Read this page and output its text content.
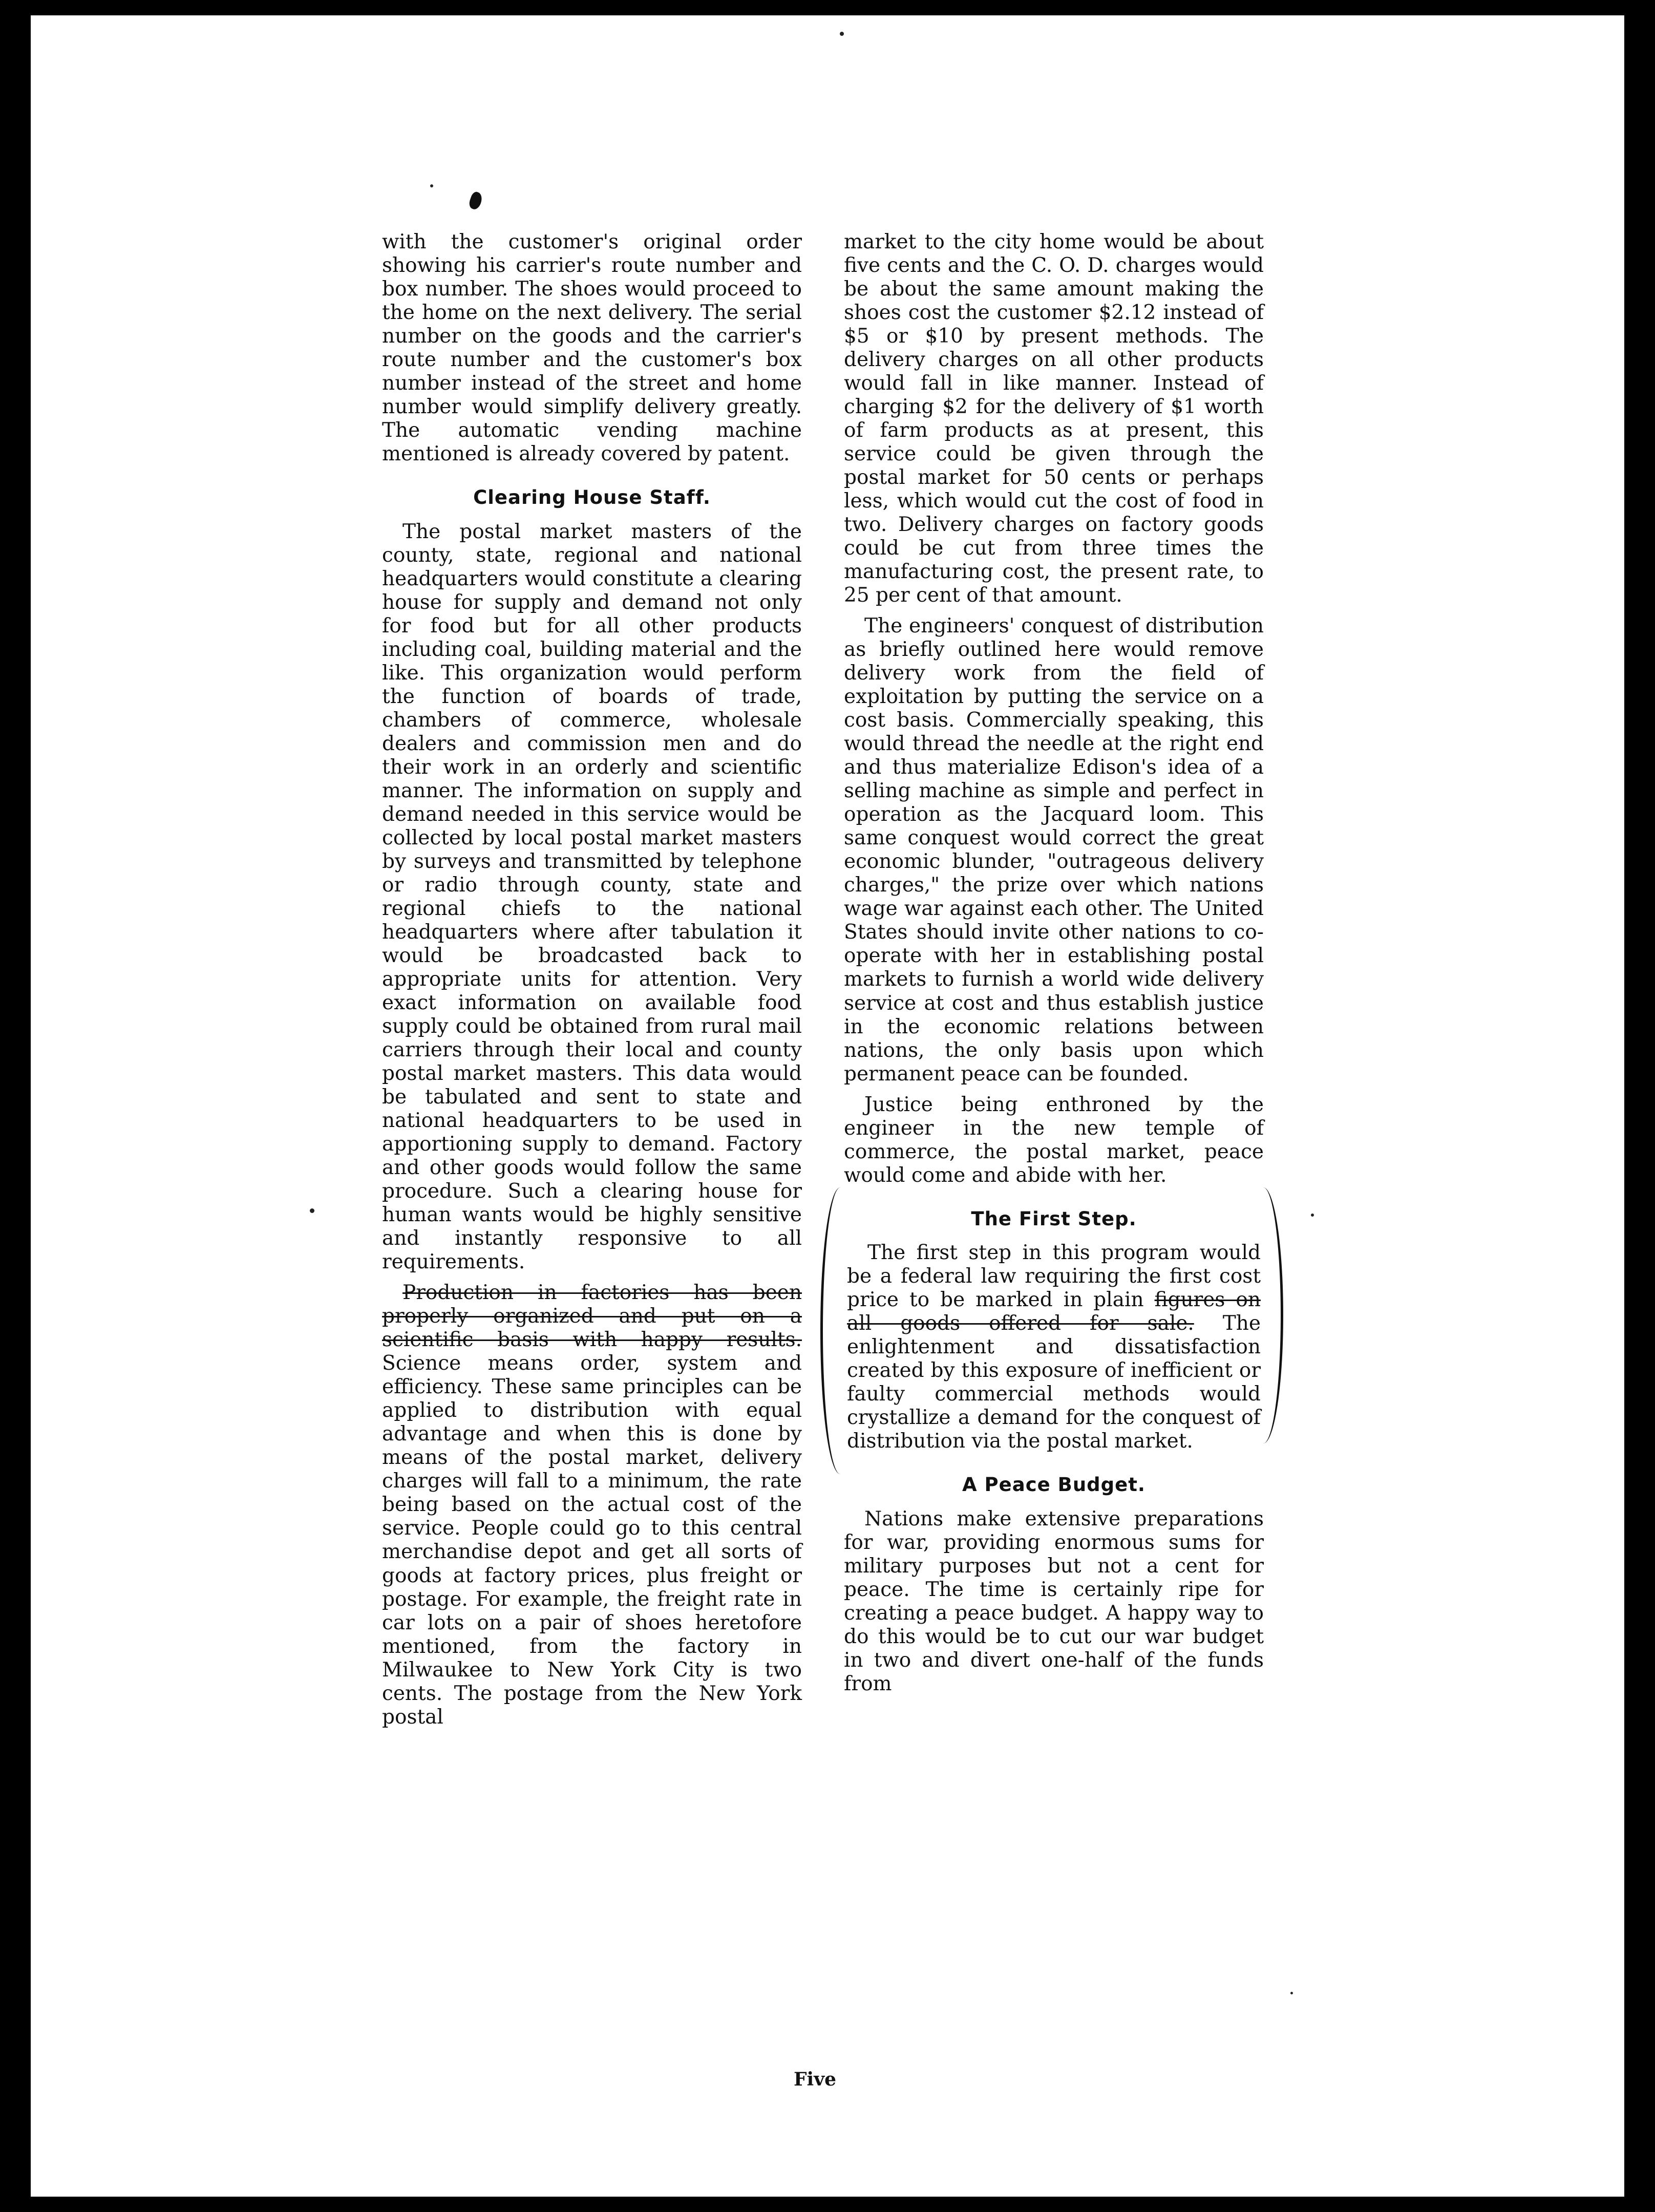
with the customer's original order showing his carrier's route number and box number. The shoes would proceed to the home on the next delivery. The serial number on the goods and the carrier's route number and the customer's box number instead of the street and home number would simplify delivery greatly. The automatic vending machine mentioned is already covered by patent.

Clearing House Staff.

The postal market masters of the county, state, regional and national headquarters would constitute a clearing house for supply and demand not only for food but for all other products including coal, building material and the like. This organization would perform the function of boards of trade, chambers of commerce, wholesale dealers and commission men and do their work in an orderly and scientific manner. The information on supply and demand needed in this service would be collected by local postal market masters by surveys and transmitted by telephone or radio through county, state and regional chiefs to the national headquarters where after tabulation it would be broadcasted back to appropriate units for attention. Very exact information on available food supply could be obtained from rural mail carriers through their local and county postal market masters. This data would be tabulated and sent to state and national headquarters to be used in apportioning supply to demand. Factory and other goods would follow the same procedure. Such a clearing house for human wants would be highly sensitive and instantly responsive to all requirements.

Production in factories has been properly organized and put on a scientific basis with happy results. Science means order, system and efficiency. These same principles can be applied to distribution with equal advantage and when this is done by means of the postal market, delivery charges will fall to a minimum, the rate being based on the actual cost of the service. People could go to this central merchandise depot and get all sorts of goods at factory prices, plus freight or postage. For example, the freight rate in car lots on a pair of shoes heretofore mentioned, from the factory in Milwaukee to New York City is two cents. The postage from the New York postal

market to the city home would be about five cents and the C. O. D. charges would be about the same amount making the shoes cost the customer $2.12 instead of $5 or $10 by present methods. The delivery charges on all other products would fall in like manner. Instead of charging $2 for the delivery of $1 worth of farm products as at present, this service could be given through the postal market for 50 cents or perhaps less, which would cut the cost of food in two. Delivery charges on factory goods could be cut from three times the manufacturing cost, the present rate, to 25 per cent of that amount.

The engineers' conquest of distribution as briefly outlined here would remove delivery work from the field of exploitation by putting the service on a cost basis. Commercially speaking, this would thread the needle at the right end and thus materialize Edison's idea of a selling machine as simple and perfect in operation as the Jacquard loom. This same conquest would correct the great economic blunder, "outrageous delivery charges," the prize over which nations wage war against each other. The United States should invite other nations to co-operate with her in establishing postal markets to furnish a world wide delivery service at cost and thus establish justice in the economic relations between nations, the only basis upon which permanent peace can be founded.

Justice being enthroned by the engineer in the new temple of commerce, the postal market, peace would come and abide with her.

The First Step.

The first step in this program would be a federal law requiring the first cost price to be marked in plain figures on all goods offered for sale. The enlightenment and dissatisfaction created by this exposure of inefficient or faulty commercial methods would crystallize a demand for the conquest of distribution via the postal market.

A Peace Budget.

Nations make extensive preparations for war, providing enormous sums for military purposes but not a cent for peace. The time is certainly ripe for creating a peace budget. A happy way to do this would be to cut our war budget in two and divert one-half of the funds from

Five
